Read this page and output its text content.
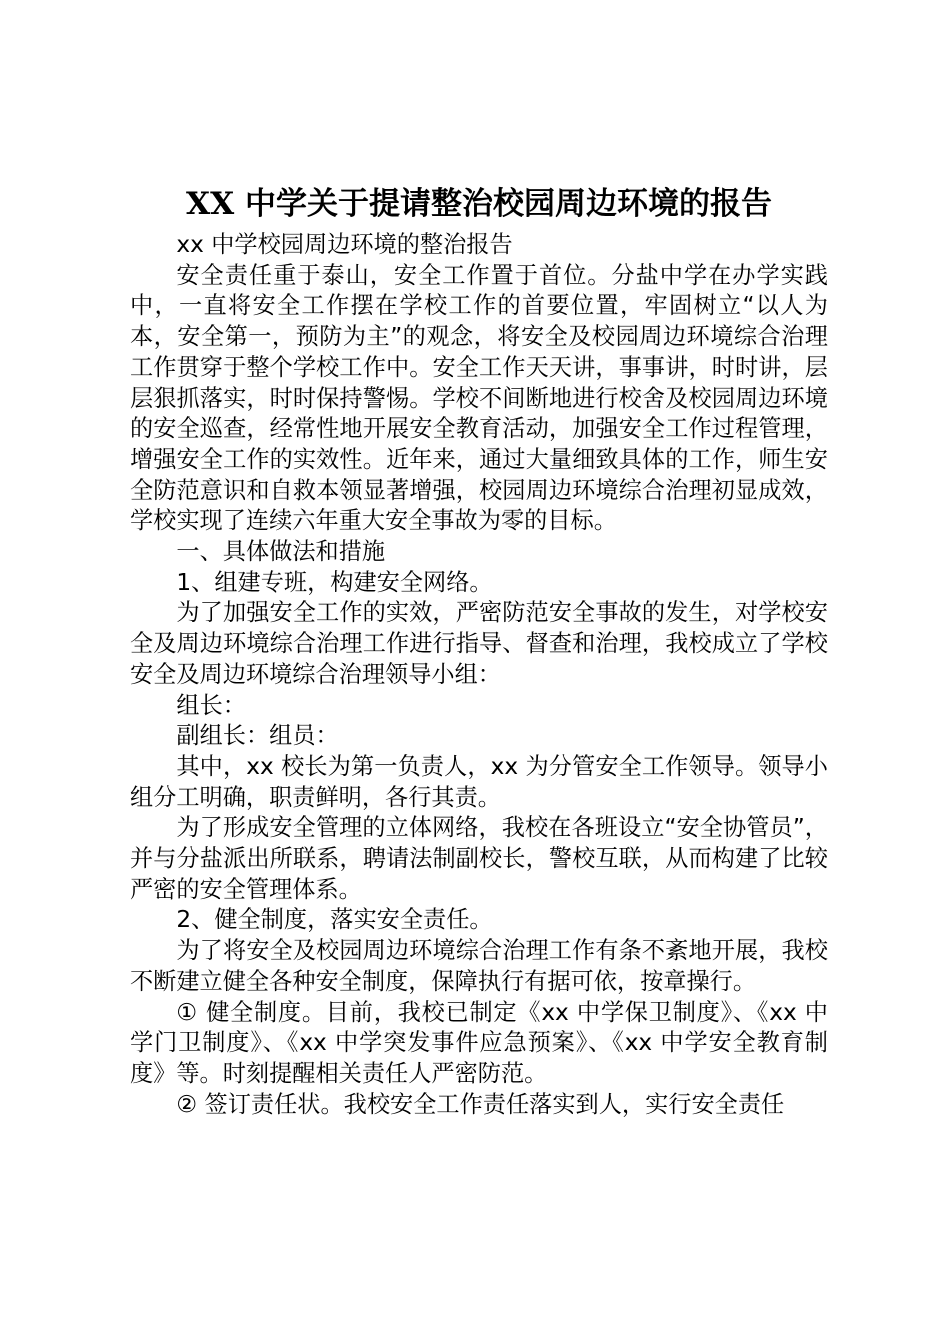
XX 中学关于提请整治校园周边环境的报告

xx 中学校园周边环境的整治报告

安全责任重于泰山，安全工作置于首位。分盐中学在办学实践中，一直将安全工作摆在学校工作的首要位置，牢固树立“以人为本，安全第一，预防为主”的观念，将安全及校园周边环境综合治理工作贯穿于整个学校工作中。安全工作天天讲，事事讲，时时讲，层层狠抓落实，时时保持警惕。学校不间断地进行校舍及校园周边环境的安全巡查，经常性地开展安全教育活动，加强安全工作过程管理，增强安全工作的实效性。近年来，通过大量细致具体的工作，师生安全防范意识和自救本领显著增强，校园周边环境综合治理初显成效，学校实现了连续六年重大安全事故为零的目标。

一、具体做法和措施

1、组建专班，构建安全网络。

为了加强安全工作的实效，严密防范安全事故的发生，对学校安全及周边环境综合治理工作进行指导、督查和治理，我校成立了学校安全及周边环境综合治理领导小组：

组长：

副组长：组员：

其中，xx 校长为第一负责人，xx 为分管安全工作领导。领导小组分工明确，职责鲜明，各行其责。

为了形成安全管理的立体网络，我校在各班设立“安全协管员”，并与分盐派出所联系，聘请法制副校长，警校互联，从而构建了比较严密的安全管理体系。

2、健全制度，落实安全责任。

为了将安全及校园周边环境综合治理工作有条不紊地开展，我校不断建立健全各种安全制度，保障执行有据可依，按章操行。

① 健全制度。目前，我校已制定《xx 中学保卫制度》、《xx 中学门卫制度》、《xx 中学突发事件应急预案》、《xx 中学安全教育制度》等。时刻提醒相关责任人严密防范。

② 签订责任状。我校安全工作责任落实到人，实行安全责任
